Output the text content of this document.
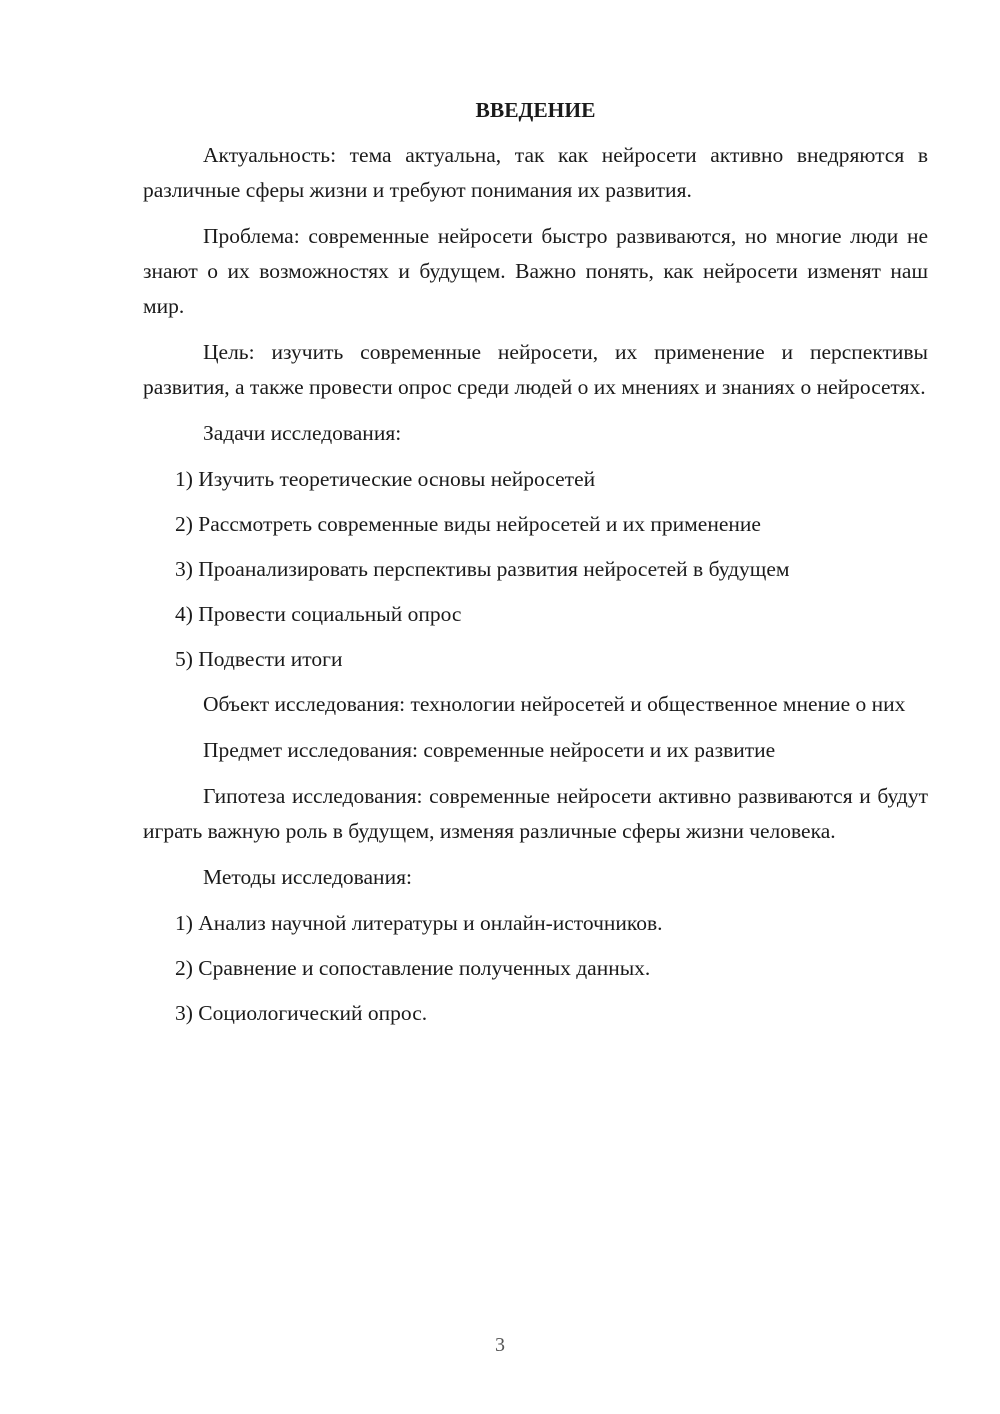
ВВЕДЕНИЕ

Актуальность: тема актуальна, так как нейросети активно внедряются в различные сферы жизни и требуют понимания их развития.

Проблема: современные нейросети быстро развиваются, но многие люди не знают о их возможностях и будущем. Важно понять, как нейросети изменят наш мир.

Цель: изучить современные нейросети, их применение и перспективы развития, а также провести опрос среди людей о их мнениях и знаниях о нейросетях.

Задачи исследования:

1) Изучить теоретические основы нейросетей
2) Рассмотреть современные виды нейросетей и их применение
3) Проанализировать перспективы развития нейросетей в будущем
4) Провести социальный опрос
5) Подвести итоги

Объект исследования: технологии нейросетей и общественное мнение о них

Предмет исследования: современные нейросети и их развитие

Гипотеза исследования: современные нейросети активно развиваются и будут играть важную роль в будущем, изменяя различные сферы жизни человека.

Методы исследования:

1) Анализ научной литературы и онлайн-источников.
2) Сравнение и сопоставление полученных данных.
3) Социологический опрос.
3
